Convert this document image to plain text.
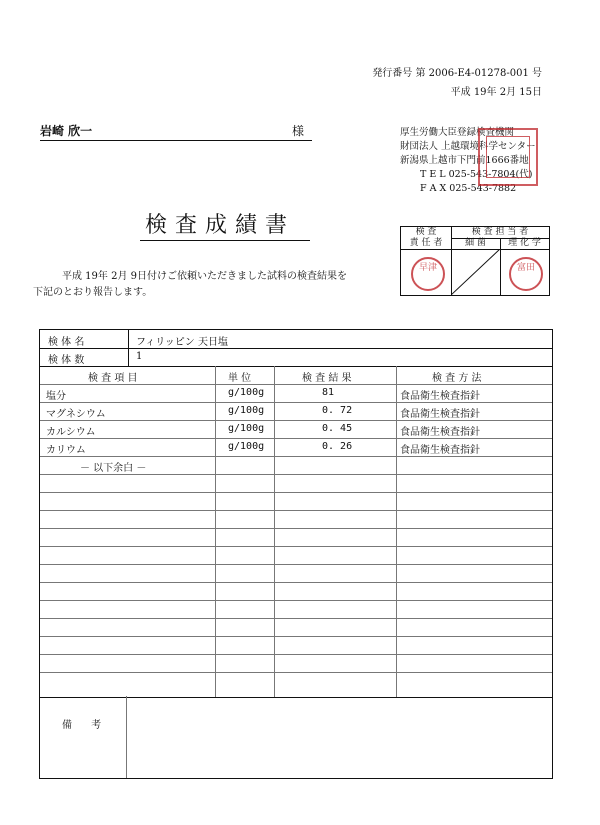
発行番号 第 2006-E4-01278-001 号
平成 19年 2月 15日
岩崎 欣一	様	厚生労働大臣登録検査機関
財団法人 上越環境科学センター
新潟県上越市下門前1666番地
T E L 025-543-7804(代)
F A X 025-543-7882
検査成績書
平成 19年 2月 9日付けご依頼いただきました試料の検査結果を
下記のとおり報告します。
検 査
責 任 者
検 査 担 当 者
細 菌	理 化 学
早津	富田
検 体 名	フィリッピン 天日塩
検 体 数	1
検 査 項 目	単 位	検 査 結 果	検 査 方 法
塩分	g/100g	81	食品衛生検査指針
マグネシウム	g/100g	0. 72	食品衛生検査指針
カルシウム	g/100g	0. 45	食品衛生検査指針
カリウム	g/100g	0. 26	食品衛生検査指針
－ 以下余白 －
備 考
